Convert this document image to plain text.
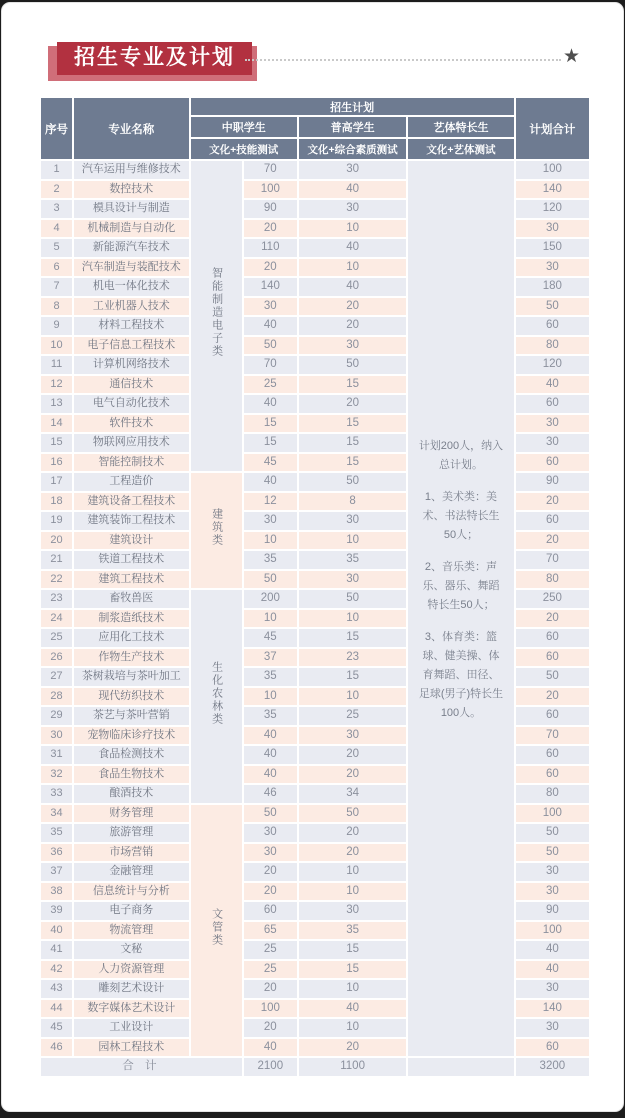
招生专业及计划	★
序号	专业名称	招生计划				计划合计
		中职学生		普高学生	艺体特长生	
		文化+技能测试		文化+综合素质测试	文化+艺体测试	
1	汽车运用与维修技术	智能制造电子类	70	30	计划200人，纳入总计划。

1、美术类：美术、书法特长生50人；

2、音乐类：声乐、器乐、舞蹈特长生50人；

3、体育类：篮球、健美操、体育舞蹈、田径、足球(男子)特长生100人。	100
2	数控技术		100	40		140
3	模具设计与制造		90	30		120
4	机械制造与自动化		20	10		30
5	新能源汽车技术		110	40		150
6	汽车制造与装配技术		20	10		30
7	机电一体化技术		140	40		180
8	工业机器人技术		30	20		50
9	材料工程技术		40	20		60
10	电子信息工程技术		50	30		80
11	计算机网络技术		70	50		120
12	通信技术		25	15		40
13	电气自动化技术		40	20		60
14	软件技术		15	15		30
15	物联网应用技术		15	15		30
16	智能控制技术		45	15		60
17	工程造价	建筑类	40	50		90
18	建筑设备工程技术		12	8		20
19	建筑装饰工程技术		30	30		60
20	建筑设计		10	10		20
21	铁道工程技术		35	35		70
22	建筑工程技术		50	30		80
23	畜牧兽医	生化农林类	200	50		250
24	制浆造纸技术		10	10		20
25	应用化工技术		45	15		60
26	作物生产技术		37	23		60
27	茶树栽培与茶叶加工		35	15		50
28	现代纺织技术		10	10		20
29	茶艺与茶叶营销		35	25		60
30	宠物临床诊疗技术		40	30		70
31	食品检测技术		40	20		60
32	食品生物技术		40	20		60
33	酿酒技术		46	34		80
34	财务管理	文管类	50	50		100
35	旅游管理		30	20		50
36	市场营销		30	20		50
37	金融管理		20	10		30
38	信息统计与分析		20	10		30
39	电子商务		60	30		90
40	物流管理		65	35		100
41	文秘		25	15		40
42	人力资源管理		25	15		40
43	雕刻艺术设计		20	10		30
44	数字媒体艺术设计		100	40		140
45	工业设计		20	10		30
46	园林工程技术		40	20		60
合 计			2100	1100		3200
